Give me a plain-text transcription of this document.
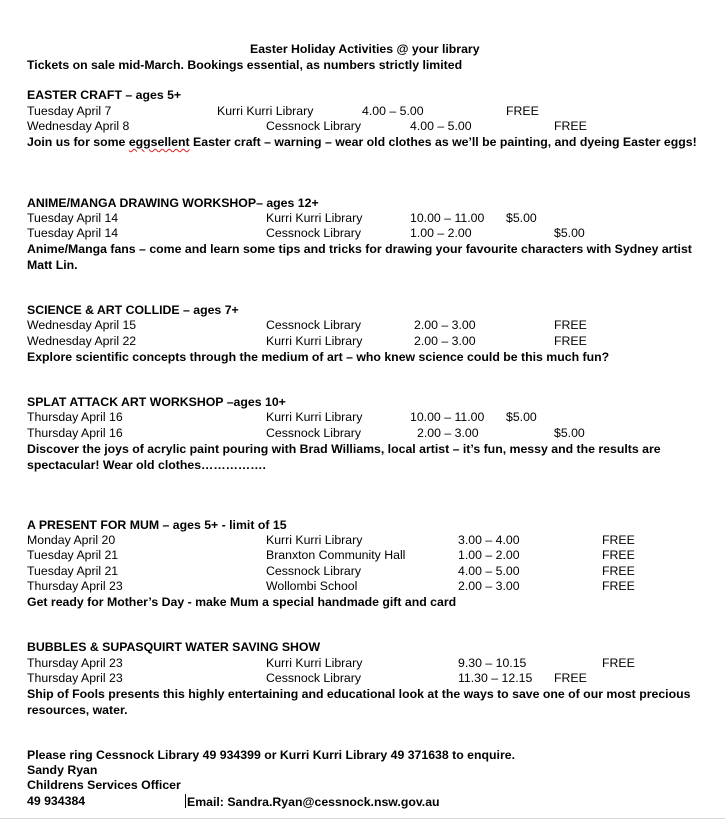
Easter Holiday Activities @ your library
Tickets on sale mid-March. Bookings essential, as numbers strictly limited
EASTER CRAFT – ages 5+
Tuesday April 7	Kurri Kurri Library	4.00 – 5.00	FREE
Wednesday April 8	Cessnock Library	4.00 – 5.00	FREE
Join us for some eggsellent Easter craft – warning – wear old clothes as we’ll be painting, and dyeing Easter eggs!
ANIME/MANGA DRAWING WORKSHOP– ages 12+
Tuesday April 14	Kurri Kurri Library	10.00 – 11.00 $5.00
Tuesday April 14	Cessnock Library	1.00 – 2.00	$5.00
Anime/Manga fans – come and learn some tips and tricks for drawing your favourite characters with Sydney artist Matt Lin.
SCIENCE & ART COLLIDE – ages 7+
Wednesday April 15	Cessnock Library	2.00 – 3.00	FREE
Wednesday April 22	Kurri Kurri Library	2.00 – 3.00	FREE
Explore scientific concepts through the medium of art – who knew science could be this much fun?
SPLAT ATTACK ART WORKSHOP –ages 10+
Thursday April 16	Kurri Kurri Library	10.00 – 11.00 $5.00
Thursday April 16	Cessnock Library	2.00 – 3.00	$5.00
Discover the joys of acrylic paint pouring with Brad Williams, local artist – it’s fun, messy and the results are spectacular! Wear old clothes…………….
A PRESENT FOR MUM – ages 5+ - limit of 15
Monday April 20	Kurri Kurri Library	3.00 – 4.00	FREE
Tuesday April 21	Branxton Community Hall	1.00 – 2.00	FREE
Tuesday April 21	Cessnock Library	4.00 – 5.00	FREE
Thursday April 23	Wollombi School	2.00 – 3.00	FREE
Get ready for Mother’s Day - make Mum a special handmade gift and card
BUBBLES & SUPASQUIRT WATER SAVING SHOW
Thursday April 23	Kurri Kurri Library	9.30 – 10.15	FREE
Thursday April 23	Cessnock Library	11.30 – 12.15 FREE
Ship of Fools presents this highly entertaining and educational look at the ways to save one of our most precious resources, water.
Please ring Cessnock Library 49 934399 or Kurri Kurri Library 49 371638 to enquire.
Sandy Ryan
Childrens Services Officer
49 934384	Email: Sandra.Ryan@cessnock.nsw.gov.au
